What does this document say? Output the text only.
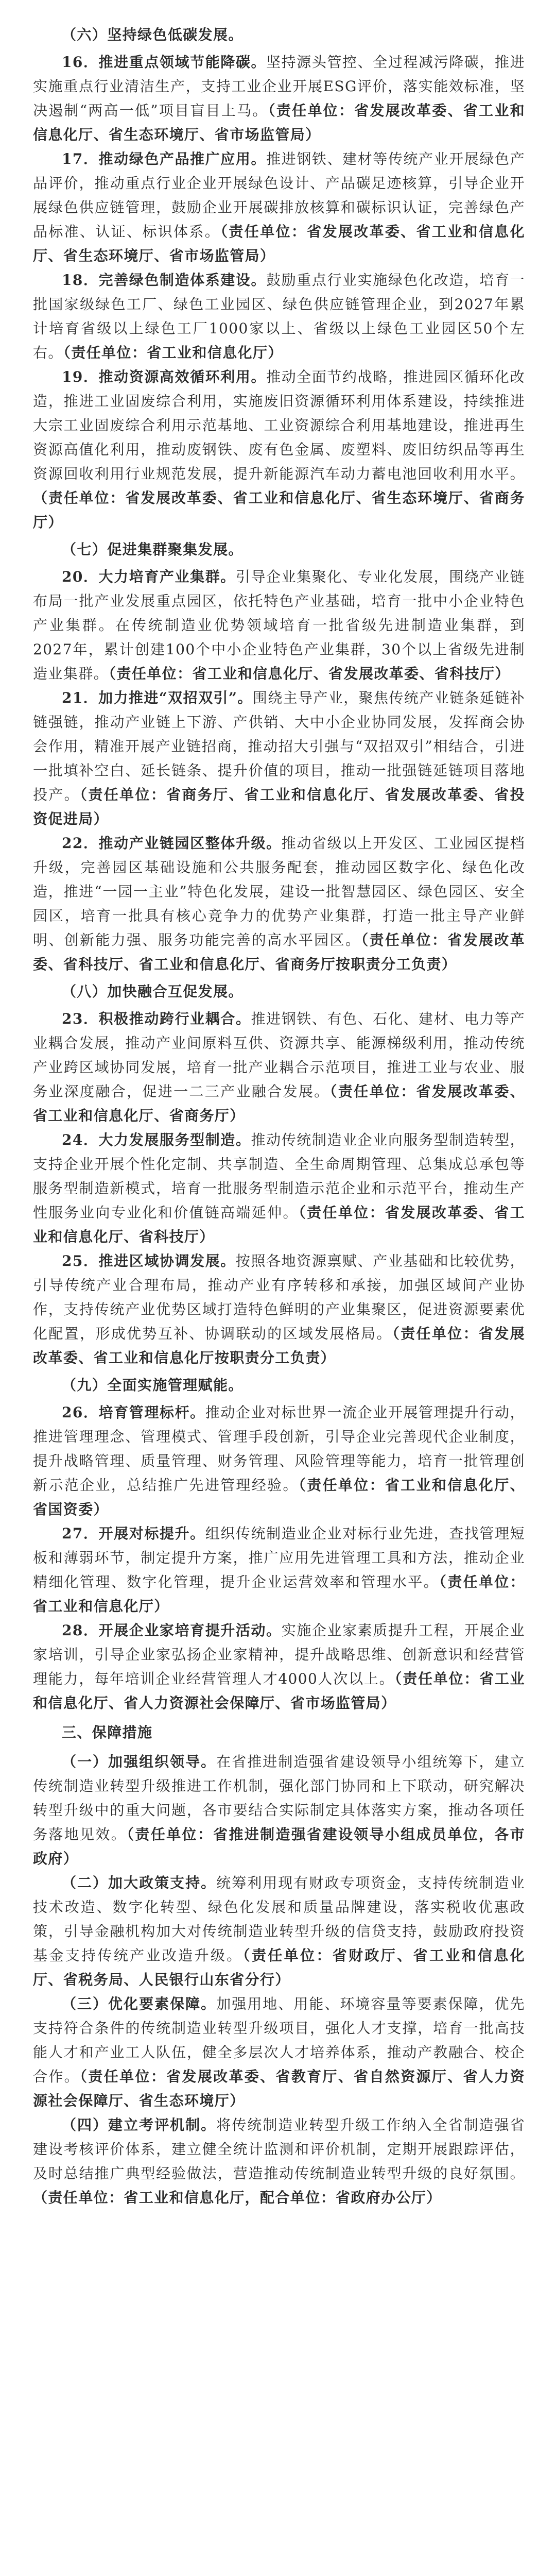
（六）坚持绿色低碳发展。

16．推进重点领域节能降碳。坚持源头管控、全过程减污降碳，推进实施重点行业清洁生产，支持工业企业开展ESG评价，落实能效标准，坚决遏制“两高一低”项目盲目上马。（责任单位：省发展改革委、省工业和信息化厅、省生态环境厅、省市场监管局）

17．推动绿色产品推广应用。推进钢铁、建材等传统产业开展绿色产品评价，推动重点行业企业开展绿色设计、产品碳足迹核算，引导企业开展绿色供应链管理，鼓励企业开展碳排放核算和碳标识认证，完善绿色产品标准、认证、标识体系。（责任单位：省发展改革委、省工业和信息化厅、省生态环境厅、省市场监管局）

18．完善绿色制造体系建设。鼓励重点行业实施绿色化改造，培育一批国家级绿色工厂、绿色工业园区、绿色供应链管理企业，到2027年累计培育省级以上绿色工厂1000家以上、省级以上绿色工业园区50个左右。（责任单位：省工业和信息化厅）

19．推动资源高效循环利用。推动全面节约战略，推进园区循环化改造，推进工业固废综合利用，实施废旧资源循环利用体系建设，持续推进大宗工业固废综合利用示范基地、工业资源综合利用基地建设，推进再生资源高值化利用，推动废钢铁、废有色金属、废塑料、废旧纺织品等再生资源回收利用行业规范发展，提升新能源汽车动力蓄电池回收利用水平。（责任单位：省发展改革委、省工业和信息化厅、省生态环境厅、省商务厅）

（七）促进集群聚集发展。

20．大力培育产业集群。引导企业集聚化、专业化发展，围绕产业链布局一批产业发展重点园区，依托特色产业基础，培育一批中小企业特色产业集群。在传统制造业优势领域培育一批省级先进制造业集群，到2027年，累计创建100个中小企业特色产业集群，30个以上省级先进制造业集群。（责任单位：省工业和信息化厅、省发展改革委、省科技厅）

21．加力推进“双招双引”。围绕主导产业，聚焦传统产业链条延链补链强链，推动产业链上下游、产供销、大中小企业协同发展，发挥商会协会作用，精准开展产业链招商，推动招大引强与“双招双引”相结合，引进一批填补空白、延长链条、提升价值的项目，推动一批强链延链项目落地投产。（责任单位：省商务厅、省工业和信息化厅、省发展改革委、省投资促进局）

22．推动产业链园区整体升级。推动省级以上开发区、工业园区提档升级，完善园区基础设施和公共服务配套，推动园区数字化、绿色化改造，推进“一园一主业”特色化发展，建设一批智慧园区、绿色园区、安全园区，培育一批具有核心竞争力的优势产业集群，打造一批主导产业鲜明、创新能力强、服务功能完善的高水平园区。（责任单位：省发展改革委、省科技厅、省工业和信息化厅、省商务厅按职责分工负责）

（八）加快融合互促发展。

23．积极推动跨行业耦合。推进钢铁、有色、石化、建材、电力等产业耦合发展，推动产业间原料互供、资源共享、能源梯级利用，推动传统产业跨区域协同发展，培育一批产业耦合示范项目，推进工业与农业、服务业深度融合，促进一二三产业融合发展。（责任单位：省发展改革委、省工业和信息化厅、省商务厅）

24．大力发展服务型制造。推动传统制造业企业向服务型制造转型，支持企业开展个性化定制、共享制造、全生命周期管理、总集成总承包等服务型制造新模式，培育一批服务型制造示范企业和示范平台，推动生产性服务业向专业化和价值链高端延伸。（责任单位：省发展改革委、省工业和信息化厅、省科技厅）

25．推进区域协调发展。按照各地资源禀赋、产业基础和比较优势，引导传统产业合理布局，推动产业有序转移和承接，加强区域间产业协作，支持传统产业优势区域打造特色鲜明的产业集聚区，促进资源要素优化配置，形成优势互补、协调联动的区域发展格局。（责任单位：省发展改革委、省工业和信息化厅按职责分工负责）

（九）全面实施管理赋能。

26．培育管理标杆。推动企业对标世界一流企业开展管理提升行动，推进管理理念、管理模式、管理手段创新，引导企业完善现代企业制度，提升战略管理、质量管理、财务管理、风险管理等能力，培育一批管理创新示范企业，总结推广先进管理经验。（责任单位：省工业和信息化厅、省国资委）

27．开展对标提升。组织传统制造业企业对标行业先进，查找管理短板和薄弱环节，制定提升方案，推广应用先进管理工具和方法，推动企业精细化管理、数字化管理，提升企业运营效率和管理水平。（责任单位：省工业和信息化厅）

28．开展企业家培育提升活动。实施企业家素质提升工程，开展企业家培训，引导企业家弘扬企业家精神，提升战略思维、创新意识和经营管理能力，每年培训企业经营管理人才4000人次以上。（责任单位：省工业和信息化厅、省人力资源社会保障厅、省市场监管局）

三、保障措施

（一）加强组织领导。在省推进制造强省建设领导小组统筹下，建立传统制造业转型升级推进工作机制，强化部门协同和上下联动，研究解决转型升级中的重大问题，各市要结合实际制定具体落实方案，推动各项任务落地见效。（责任单位：省推进制造强省建设领导小组成员单位，各市政府）

（二）加大政策支持。统筹利用现有财政专项资金，支持传统制造业技术改造、数字化转型、绿色化发展和质量品牌建设，落实税收优惠政策，引导金融机构加大对传统制造业转型升级的信贷支持，鼓励政府投资基金支持传统产业改造升级。（责任单位：省财政厅、省工业和信息化厅、省税务局、人民银行山东省分行）

（三）优化要素保障。加强用地、用能、环境容量等要素保障，优先支持符合条件的传统制造业转型升级项目，强化人才支撑，培育一批高技能人才和产业工人队伍，健全多层次人才培养体系，推动产教融合、校企合作。（责任单位：省发展改革委、省教育厅、省自然资源厅、省人力资源社会保障厅、省生态环境厅）

（四）建立考评机制。将传统制造业转型升级工作纳入全省制造强省建设考核评价体系，建立健全统计监测和评价机制，定期开展跟踪评估，及时总结推广典型经验做法，营造推动传统制造业转型升级的良好氛围。（责任单位：省工业和信息化厅，配合单位：省政府办公厅）
